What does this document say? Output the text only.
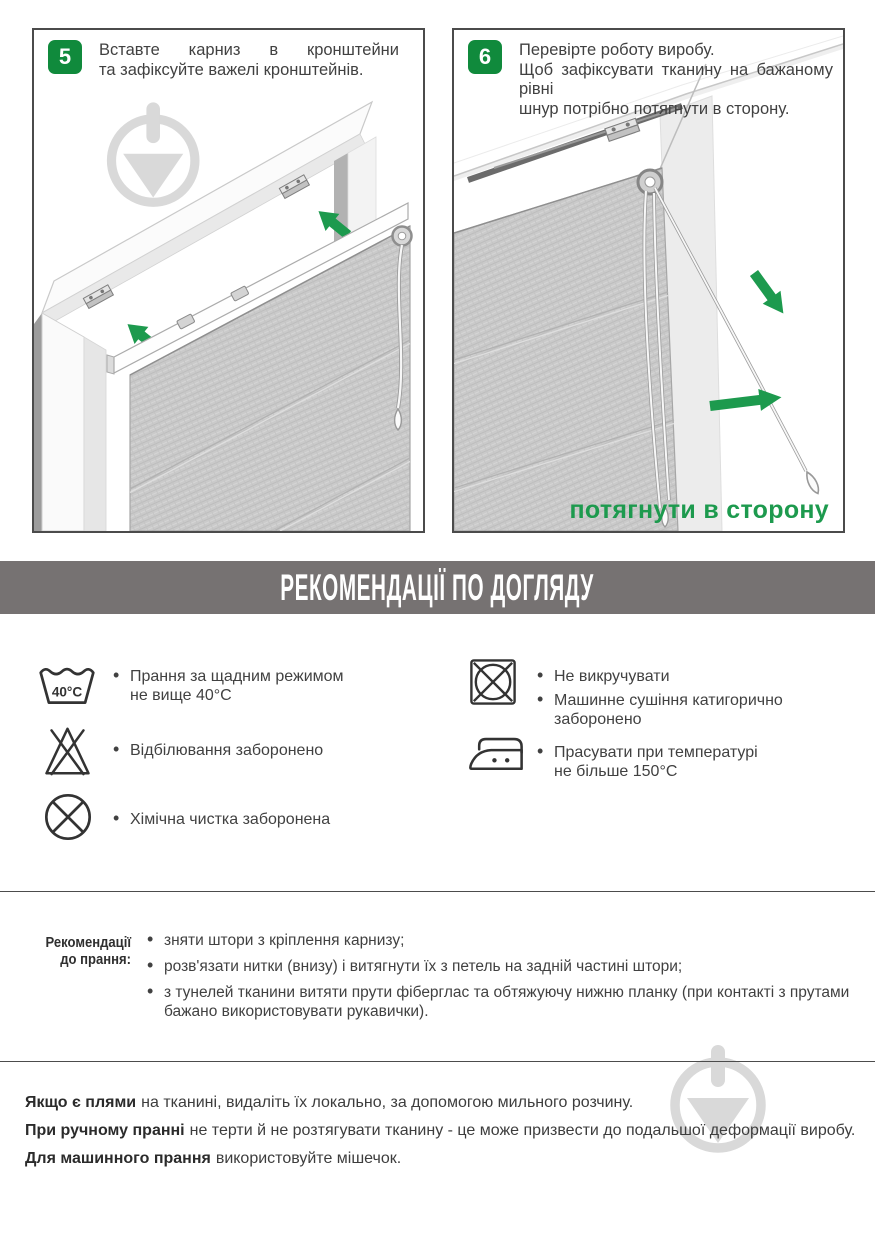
5	Вставте карниз в кронштейни
та зафіксуйте важелі кронштейнів.
6	Перевірте роботу виробу.
Щоб зафіксувати тканину на бажаному рівні
шнур потрібно потягнути в сторону.
потягнути в сторону
РЕКОМЕНДАЦІЇ ПО ДОГЛЯДУ
40°C
• Прання за щадним режимом
не вище 40°С
• Відбілювання заборонено
• Хімічна чистка заборонена
• Не викручувати
• Машинне сушіння катигорично
заборонено
• Прасувати при температурі
не більше 150°С
Рекомендації
до прання:
• зняти штори з кріплення карнизу;
• розв'язати нитки (внизу) і витягнути їх з петель на задній частині штори;
• з тунелей тканини витяти прути фіберглас та обтяжуючу нижню планку (при контакті з прутами бажано використовувати рукавички).

Якщо є плями на тканині, видаліть їх локально, за допомогою мильного розчину.

При ручному пранні не терти й не розтягувати тканину - це може призвести до подальшої деформації виробу.

Для машинного прання використовуйте мішечок.
